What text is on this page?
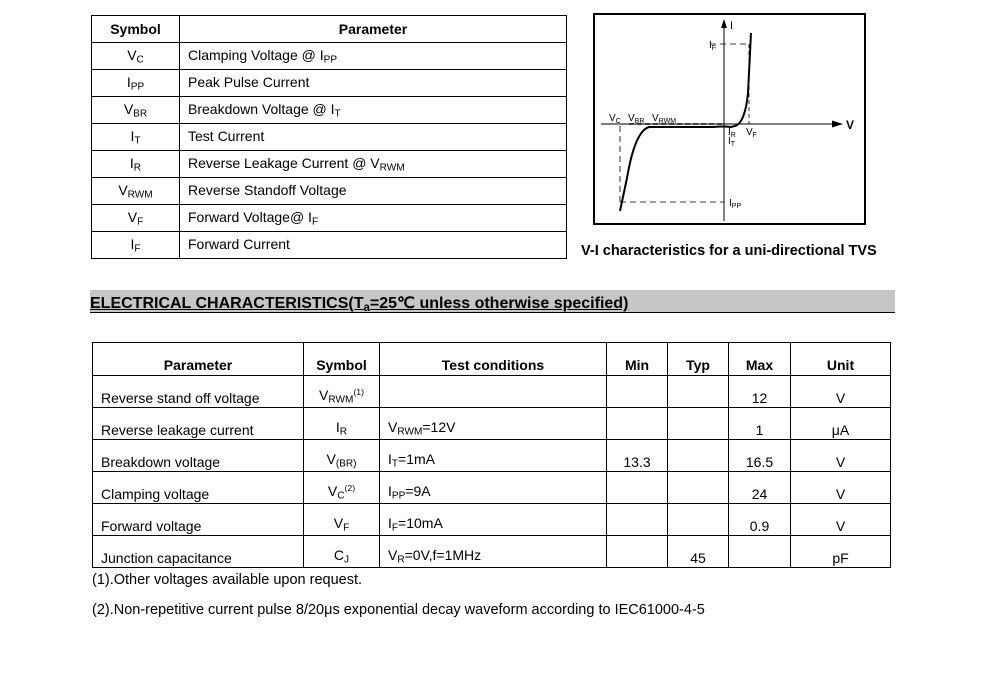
Symbol	Parameter
$V_C$	Clamping Voltage @ $I_{PP}$
$I_{PP}$	Peak Pulse Current
$V_{BR}$	Breakdown Voltage @ $I_T$
$I_T$	Test Current
$I_R$	Reverse Leakage Current @ $V_{RWM}$
$V_{RWM}$	Reverse Standoff Voltage
$V_F$	Forward Voltage@ $I_F$
$I_F$	Forward Current
I
V
$I_F$
$V_C$ $V_{BR}$ $V_{RWM}$
$I_R$
$I_T$
$V_F$
$I_{PP}$
V-I characteristics for a uni-directional TVS
ELECTRICAL $CHARACTERISTICS(T_a=25℃$ unless otherwise specified)
Parameter	Symbol	Test conditions	Min	Typ	Max	Unit
Reverse stand off voltage	$V_{RWM}^{(1)}$				12	V
Reverse leakage current	$I_R$	$V_{RWM}=12V$			1	μA
Breakdown voltage	$V_{(BR)}$	$I_T=1mA$	13.3		16.5	V
Clamping voltage	$V_C^{(2)}$	$I_{PP}=9A$			24	V
Forward voltage	$V_F$	$I_F=10mA$			0.9	V
Junction capacitance	$C_J$	$V_R=0V,f=1MHz$		45		pF
(1).Other voltages available upon request.
(2).Non-repetitive current pulse 8/20μs exponential decay waveform according to IEC61000-4-5
